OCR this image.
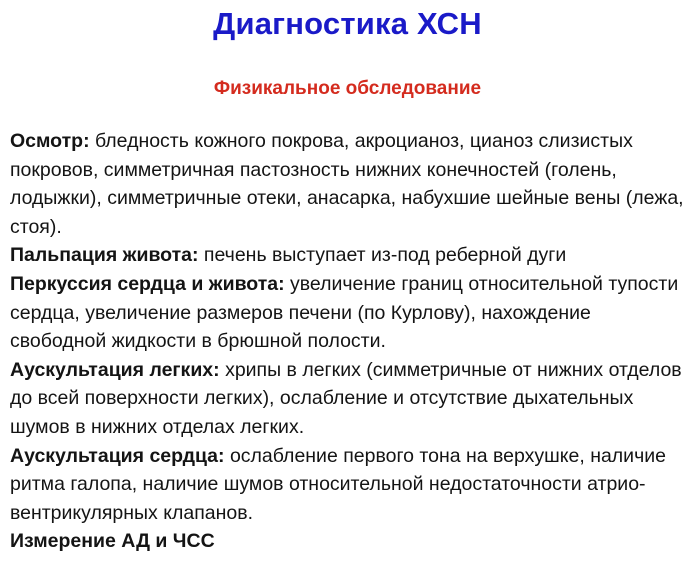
Диагностика ХСН
Физикальное обследование

Осмотр: бледность кожного покрова, акроцианоз, цианоз слизистых покровов, симметричная пастозность нижних конечностей (голень, лодыжки), симметричные отеки, анасарка, набухшие шейные вены (лежа, стоя).

Пальпация живота: печень выступает из-под реберной дуги

Перкуссия сердца и живота: увеличение границ относительной тупости сердца, увеличение размеров печени (по Курлову), нахождение свободной жидкости в брюшной полости.

Аускультация легких: хрипы в легких (симметричные от нижних отделов до всей поверхности легких), ослабление и отсутствие дыхательных шумов в нижних отделах легких.

Аускультация сердца: ослабление первого тона на верхушке, наличие ритма галопа, наличие шумов относительной недостаточности атрио-вентрикулярных клапанов.

Измерение АД и ЧСС
